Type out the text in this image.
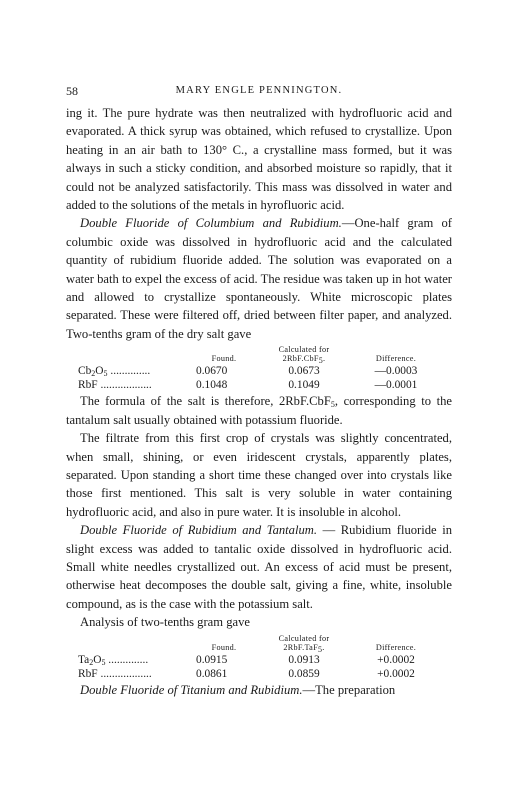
58	MARY ENGLE PENNINGTON.

ing it. The pure hydrate was then neutralized with hydrofluoric acid and evaporated. A thick syrup was obtained, which refused to crystallize. Upon heating in an air bath to 130° C., a crystalline mass formed, but it was always in such a sticky condition, and absorbed moisture so rapidly, that it could not be analyzed satisfactorily. This mass was dissolved in water and added to the solutions of the metals in hyrofluoric acid.

Double Fluoride of Columbium and Rubidium.—One-half gram of columbic oxide was dissolved in hydrofluoric acid and the calculated quantity of rubidium fluoride added. The solution was evaporated on a water bath to expel the excess of acid. The residue was taken up in hot water and allowed to crystallize spontaneously. White microscopic plates separated. These were filtered off, dried between filter paper, and analyzed. Two-tenths gram of the dry salt gave

	Found.	Calculated for
2RbF.CbF$_5$.	Difference.
$Cb_2O_5$ ..............	0.0670	0.0673	—0.0003
RbF ..................	0.1048	0.1049	—0.0001

The formula of the salt is therefore, 2RbF.CbF$_5$, corresponding to the tantalum salt usually obtained with potassium fluoride.

The filtrate from this first crop of crystals was slightly concentrated, when small, shining, or even iridescent crystals, apparently plates, separated. Upon standing a short time these changed over into crystals like those first mentioned. This salt is very soluble in water containing hydrofluoric acid, and also in pure water. It is insoluble in alcohol.

Double Fluoride of Rubidium and Tantalum. — Rubidium fluoride in slight excess was added to tantalic oxide dissolved in hydrofluoric acid. Small white needles crystallized out. An excess of acid must be present, otherwise heat decomposes the double salt, giving a fine, white, insoluble compound, as is the case with the potassium salt.

Analysis of two-tenths gram gave

	Found.	Calculated for
2RbF.TaF$_5$.	Difference.
$Ta_2O_5$ ..............	0.0915	0.0913	+0.0002
RbF ..................	0.0861	0.0859	+0.0002

Double Fluoride of Titanium and Rubidium.—The preparation
